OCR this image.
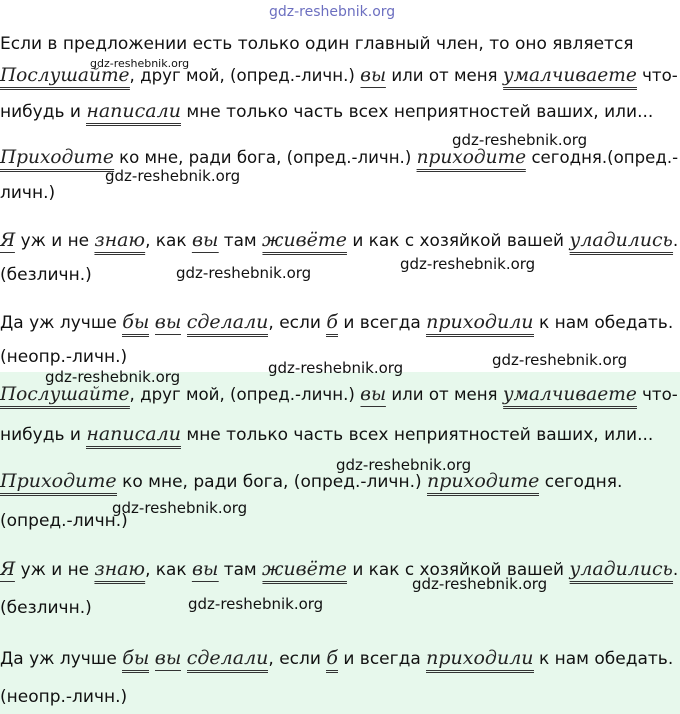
gdz-reshebnik.org
gdz-reshebnik.org
gdz-reshebnik.org
gdz-reshebnik.org
gdz-reshebnik.org
gdz-reshebnik.org
gdz-reshebnik.org	gdz-reshebnik.org
gdz-reshebnik.org
gdz-reshebnik.org
gdz-reshebnik.org
gdz-reshebnik.org
gdz-reshebnik.org
Если в предложении есть только один главный член, то оно является
Послушайте, друг мой, (опред.-личн.) вы или от меня умалчиваете что-
нибудь и написали мне только часть всех неприятностей ваших, или...
Приходите ко мне, ради бога, (опред.-личн.) приходите сегодня.(опред.-
личн.)
Я уж и не знаю, как вы там живёте и как с хозяйкой вашей уладились.
(безличн.)
Да уж лучше бы вы сделали, если б и всегда приходили к нам обедать.
(неопр.-личн.)
Послушайте, друг мой, (опред.-личн.) вы или от меня умалчиваете что-
нибудь и написали мне только часть всех неприятностей ваших, или...
Приходите ко мне, ради бога, (опред.-личн.) приходите сегодня.
(опред.-личн.)
Я уж и не знаю, как вы там живёте и как с хозяйкой вашей уладились.
(безличн.)
Да уж лучше бы вы сделали, если б и всегда приходили к нам обедать.
(неопр.-личн.)
